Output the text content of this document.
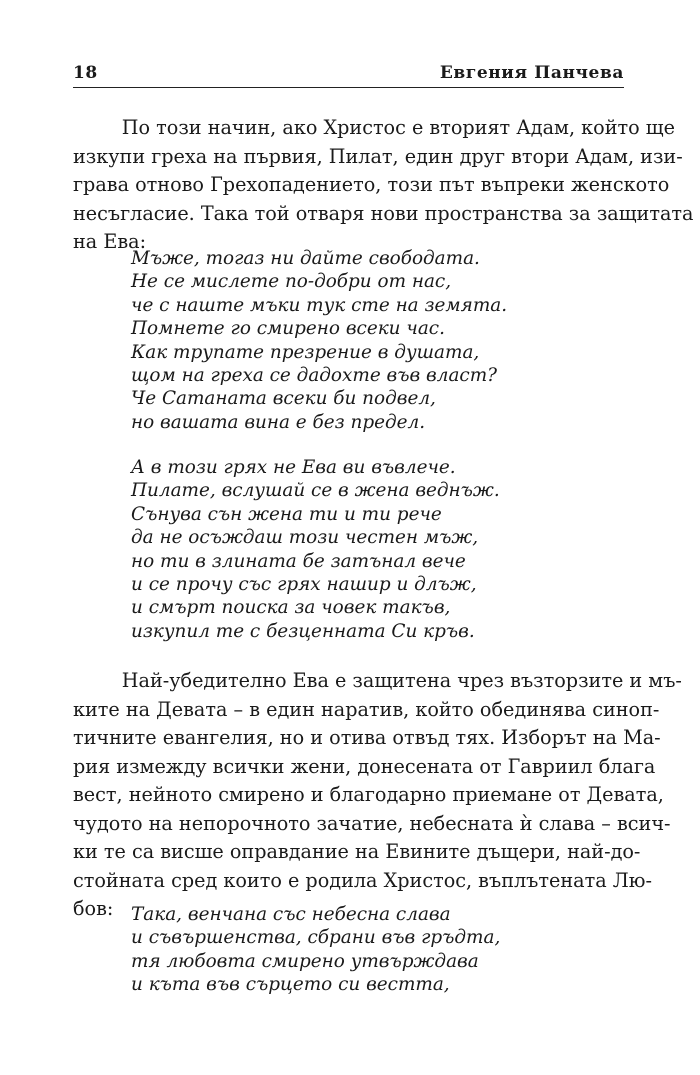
18	Евгения Панчева
По този начин, ако Христос е вторият Адам, който ще
изкупи греха на първия, Пилат, един друг втори Адам, изи-
грава отново Грехопадението, този път въпреки женското
несъгласие. Така той отваря нови пространства за защитата
на Ева:
Мъже, тогаз ни дайте свободата.
Не се мислете по-добри от нас,
че с наште мъки тук сте на земята.
Помнете го смирено всеки час.
Как трупате презрение в душата,
щом на греха се дадохте във власт?
Че Сатаната всеки би подвел,
но вашата вина е без предел.
А в този грях не Ева ви въвлече.
Пилате, вслушай се в жена веднъж.
Сънува сън жена ти и ти рече
да не осъждаш този честен мъж,
но ти в злината бе затънал вече
и се прочу със грях нашир и длъж,
и смърт поиска за човек такъв,
изкупил те с безценната Си кръв.
Най-убедително Ева е защитена чрез възторзите и мъ-
ките на Девата – в един наратив, който обединява синоп-
тичните евангелия, но и отива отвъд тях. Изборът на Ма-
рия измежду всички жени, донесената от Гавриил блага
вест, нейното смирено и благодарно приемане от Девата,
чудото на непорочното зачатие, небесната ѝ слава – всич-
ки те са висше оправдание на Евините дъщери, най-до-
стойната сред които е родила Христос, въплътената Лю-
бов: Така, венчана със небесна слава
и съвършенства, сбрани във гръдта,
тя любовта смирено утвърждава
и къта във сърцето си вестта,
